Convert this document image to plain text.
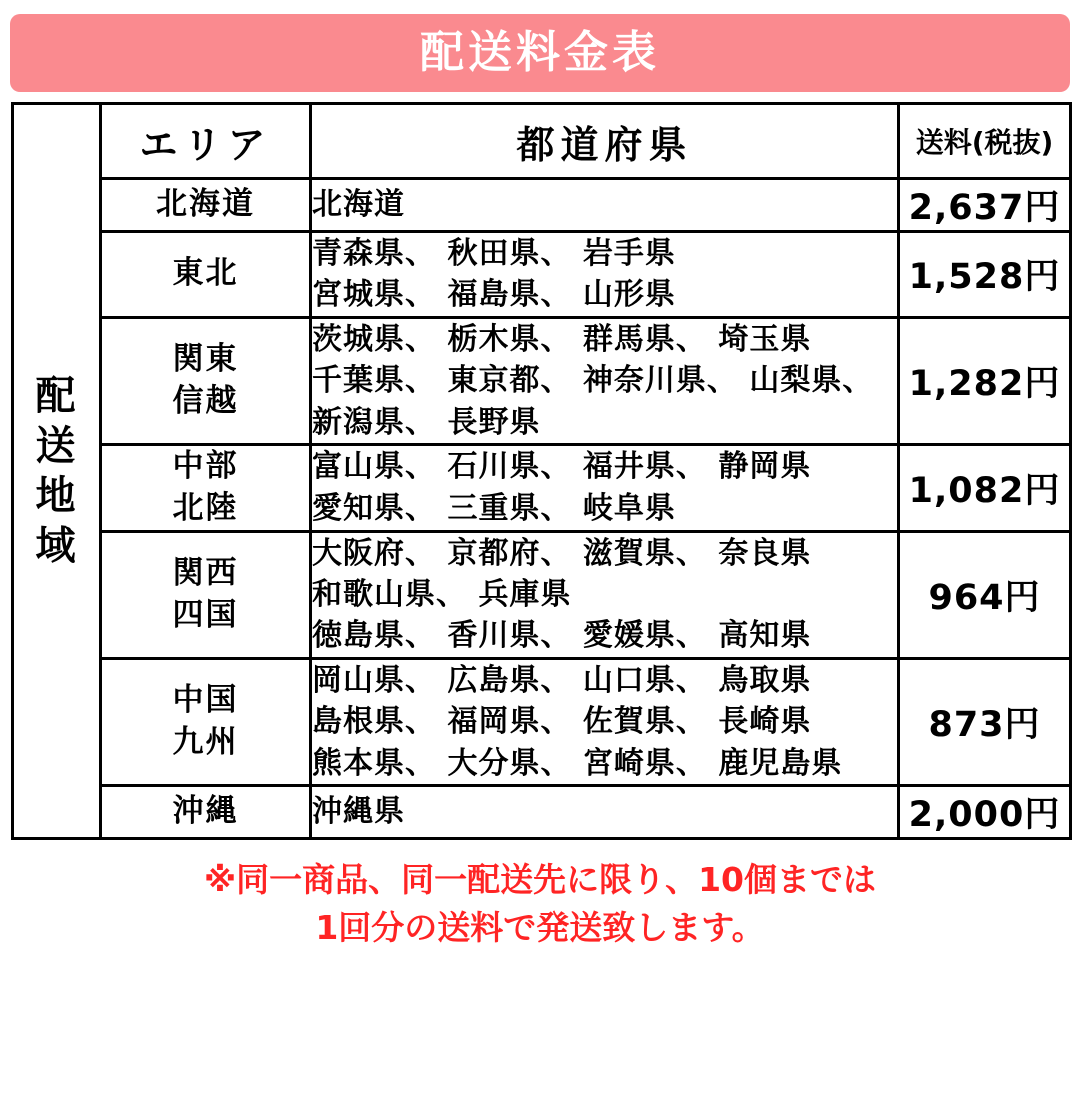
配送料金表
配
送
地
域	エリア	都道府県	送料(税抜)

	北海道	北海道	2,637円

	東北	青森県、 秋田県、 岩手県
宮城県、 福島県、 山形県	1,528円

	関東
信越	茨城県、 栃木県、 群馬県、 埼玉県
千葉県、 東京都、 神奈川県、 山梨県、
新潟県、 長野県	1,282円

	中部
北陸	富山県、 石川県、 福井県、 静岡県
愛知県、 三重県、 岐阜県	1,082円

	関西
四国	大阪府、 京都府、 滋賀県、 奈良県
和歌山県、 兵庫県
徳島県、 香川県、 愛媛県、 高知県	964円

	中国
九州	岡山県、 広島県、 山口県、 鳥取県
島根県、 福岡県、 佐賀県、 長崎県
熊本県、 大分県、 宮崎県、 鹿児島県	873円

	沖縄	沖縄県	2,000円
※同一商品、同一配送先に限り、10個までは
1回分の送料で発送致します。
